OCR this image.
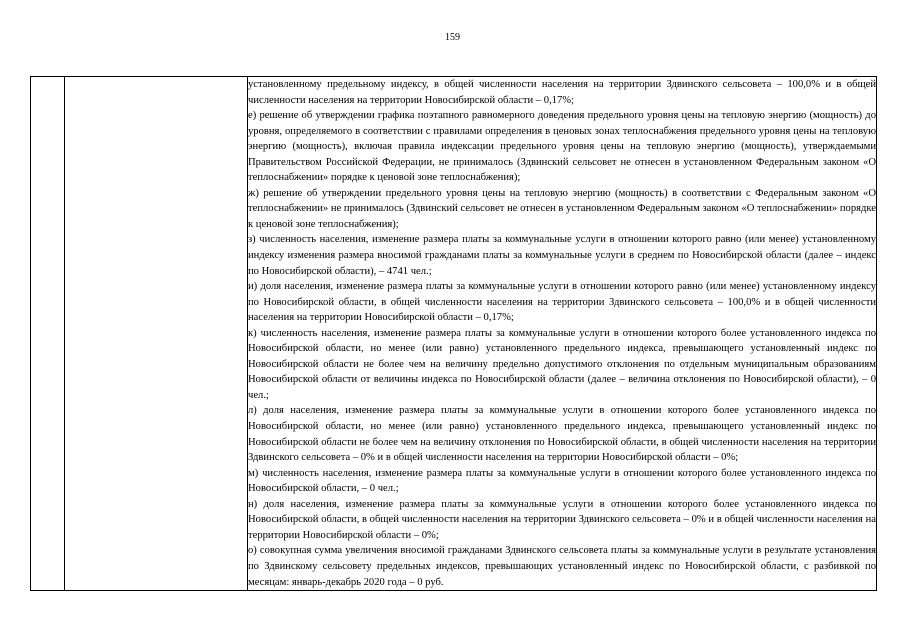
159

установленному предельному индексу, в общей численности населения на территории Здвинского сельсовета – 100,0% и в общей численности населения на территории Новосибирской области – 0,17%;

е) решение об утверждении графика поэтапного равномерного доведения предельного уровня цены на тепловую энергию (мощность) до уровня, определяемого в соответствии с правилами определения в ценовых зонах теплоснабжения предельного уровня цены на тепловую энергию (мощность), включая правила индексации предельного уровня цены на тепловую энергию (мощность), утверждаемыми Правительством Российской Федерации, не принималось (Здвинский сельсовет не отнесен в установленном Федеральным законом «О теплоснабжении» порядке к ценовой зоне теплоснабжения);

ж) решение об утверждении предельного уровня цены на тепловую энергию (мощность) в соответствии с Федеральным законом «О теплоснабжении» не принималось (Здвинский сельсовет не отнесен в установленном Федеральным законом «О теплоснабжении» порядке к ценовой зоне теплоснабжения);

з) численность населения, изменение размера платы за коммунальные услуги в отношении которого равно (или менее) установленному индексу изменения размера вносимой гражданами платы за коммунальные услуги в среднем по Новосибирской области (далее – индекс по Новосибирской области), – 4741 чел.;

и) доля населения, изменение размера платы за коммунальные услуги в отношении которого равно (или менее) установленному индексу по Новосибирской области, в общей численности населения на территории Здвинского сельсовета – 100,0% и в общей численности населения на территории Новосибирской области – 0,17%;

к) численность населения, изменение размера платы за коммунальные услуги в отношении которого более установленного индекса по Новосибирской области, но менее (или равно) установленного предельного индекса, превышающего установленный индекс по Новосибирской области не более чем на величину предельно допустимого отклонения по отдельным муниципальным образованиям Новосибирской области от величины индекса по Новосибирской области (далее – величина отклонения по Новосибирской области), – 0 чел.;

л) доля населения, изменение размера платы за коммунальные услуги в отношении которого более установленного индекса по Новосибирской области, но менее (или равно) установленного предельного индекса, превышающего установленный индекс по Новосибирской области не более чем на величину отклонения по Новосибирской области, в общей численности населения на территории Здвинского сельсовета – 0% и в общей численности населения на территории Новосибирской области – 0%;

м) численность населения, изменение размера платы за коммунальные услуги в отношении которого более установленного индекса по Новосибирской области, – 0 чел.;

н) доля населения, изменение размера платы за коммунальные услуги в отношении которого более установленного индекса по Новосибирской области, в общей численности населения на территории Здвинского сельсовета – 0% и в общей численности населения на территории Новосибирской области – 0%;

о) совокупная сумма увеличения вносимой гражданами Здвинского сельсовета платы за коммунальные услуги в результате установления по Здвинскому сельсовету предельных индексов, превышающих установленный индекс по Новосибирской области, с разбивкой по месяцам: январь-декабрь 2020 года – 0 руб.
